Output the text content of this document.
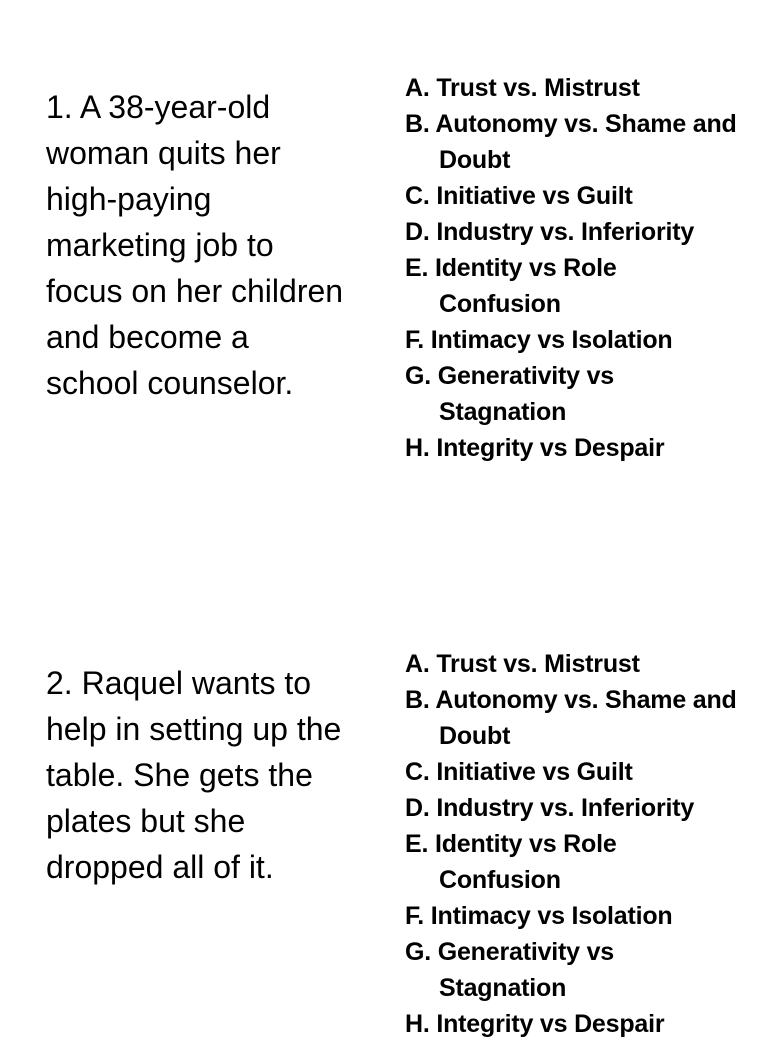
1. A 38-year-old woman quits her high-paying marketing job to focus on her children and become a school counselor.

A. Trust vs. Mistrust
B. Autonomy vs. Shame and Doubt
C. Initiative vs Guilt
D. Industry vs. Inferiority
E. Identity vs Role Confusion
F. Intimacy vs Isolation
G. Generativity vs Stagnation
H. Integrity vs Despair

2. Raquel wants to help in setting up the table. She gets the plates but she dropped all of it.

A. Trust vs. Mistrust
B. Autonomy vs. Shame and Doubt
C. Initiative vs Guilt
D. Industry vs. Inferiority
E. Identity vs Role Confusion
F. Intimacy vs Isolation
G. Generativity vs Stagnation
H. Integrity vs Despair
